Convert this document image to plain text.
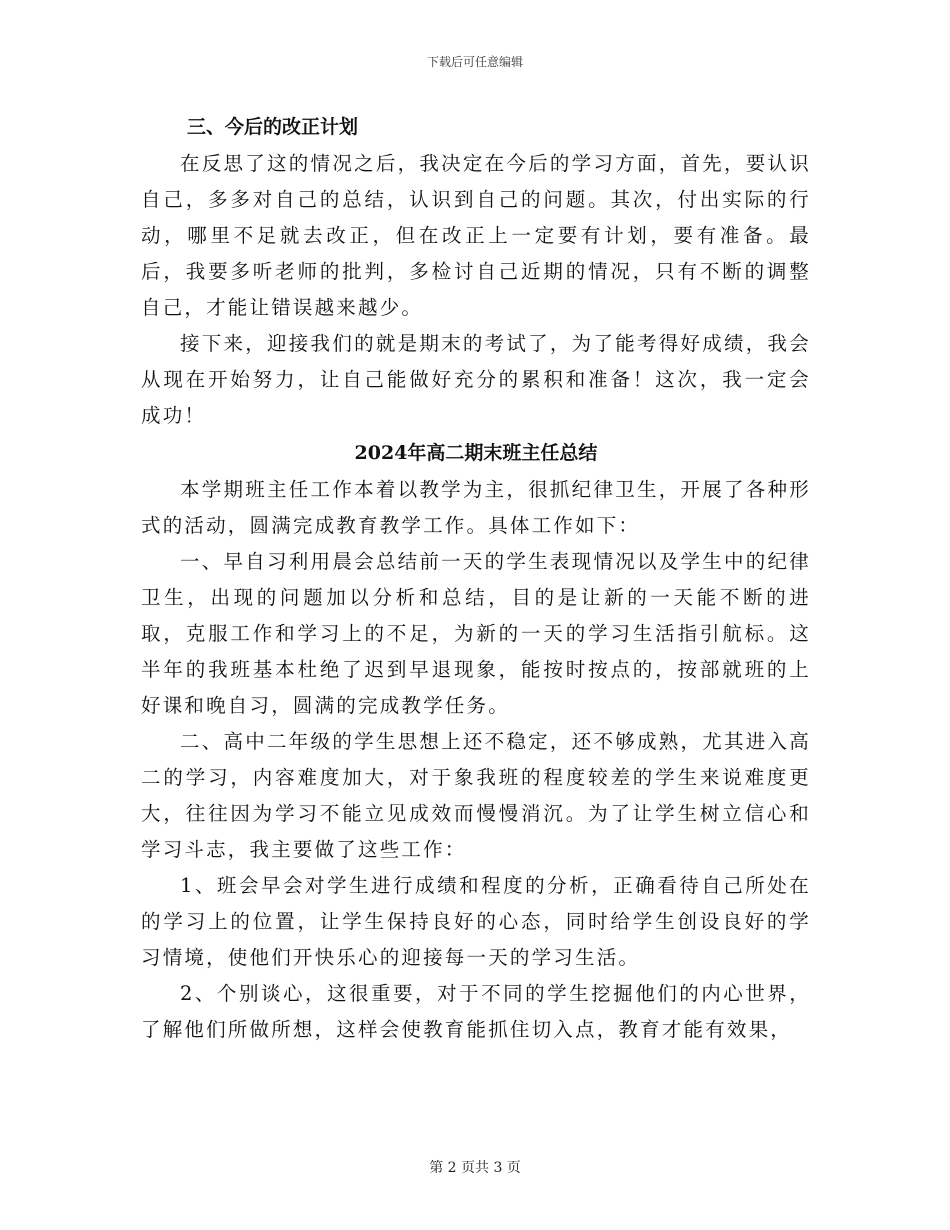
下载后可任意编辑
三、今后的改正计划

在反思了这的情况之后，我决定在今后的学习方面，首先，要认识自己，多多对自己的总结，认识到自己的问题。其次，付出实际的行动，哪里不足就去改正，但在改正上一定要有计划，要有准备。最后，我要多听老师的批判，多检讨自己近期的情况，只有不断的调整自己，才能让错误越来越少。

接下来，迎接我们的就是期末的考试了，为了能考得好成绩，我会从现在开始努力，让自己能做好充分的累积和准备！这次，我一定会成功！

2024年高二期末班主任总结

本学期班主任工作本着以教学为主，很抓纪律卫生，开展了各种形式的活动，圆满完成教育教学工作。具体工作如下：

一、早自习利用晨会总结前一天的学生表现情况以及学生中的纪律卫生，出现的问题加以分析和总结，目的是让新的一天能不断的进取，克服工作和学习上的不足，为新的一天的学习生活指引航标。这半年的我班基本杜绝了迟到早退现象，能按时按点的，按部就班的上好课和晚自习，圆满的完成教学任务。

二、高中二年级的学生思想上还不稳定，还不够成熟，尤其进入高二的学习，内容难度加大，对于象我班的程度较差的学生来说难度更大，往往因为学习不能立见成效而慢慢消沉。为了让学生树立信心和学习斗志，我主要做了这些工作：

1、班会早会对学生进行成绩和程度的分析，正确看待自己所处在的学习上的位置，让学生保持良好的心态，同时给学生创设良好的学习情境，使他们开快乐心的迎接每一天的学习生活。

2、个别谈心，这很重要，对于不同的学生挖掘他们的内心世界，了解他们所做所想，这样会使教育能抓住切入点，教育才能有效果，

第 2 页共 3 页
